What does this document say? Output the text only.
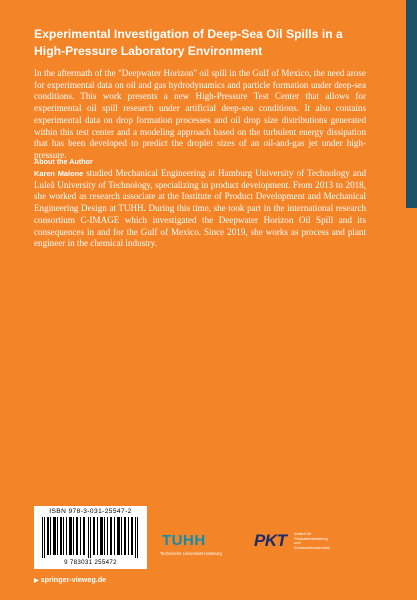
Experimental Investigation of Deep-Sea Oil Spills in a High-Pressure Laboratory Environment
In the aftermath of the "Deepwater Horizon" oil spill in the Gulf of Mexico, the need arose for experimental data on oil and gas hydrodynamics and particle formation under deep-sea conditions. This work presents a new High-Pressure Test Center that allows for experimental oil spill research under artificial deep-sea conditions. It also contains experimental data on drop formation processes and oil drop size distributions generated within this test center and a modeling approach based on the turbulent energy dissipation that has been developed to predict the droplet sizes of an oil-and-gas jet under high-pressure.
About the Author
Karen Malone studied Mechanical Engineering at Hamburg University of Technology and Luleå University of Technology, specializing in product development. From 2013 to 2018, she worked as research associate at the Institute of Product Development and Mechanical Engineering Design at TUHH. During this time, she took part in the international research consortium C-IMAGE which investigated the Deepwater Horizon Oil Spill and its consequences in and for the Gulf of Mexico. Since 2019, she works as process and plant engineer in the chemical industry.
ISBN 978-3-031-25547-2
9 783031 255472
TUHH
Technische Universität Hamburg
PKT Institut für Produktentwicklung und Konstruktionstechnik
▶ springer-vieweg.de
